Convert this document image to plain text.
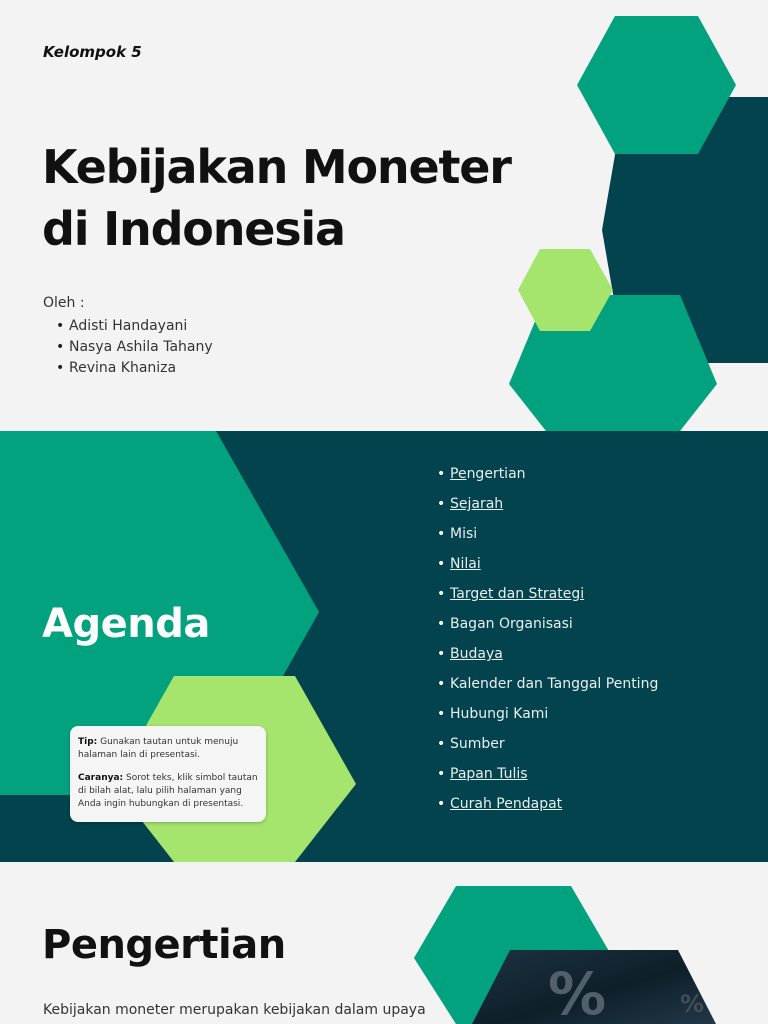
Kelompok 5
Kebijakan Moneter
di Indonesia
Oleh :
• Adisti Handayani
• Nasya Ashila Tahany
• Revina Khaniza
Agenda

Tip: Gunakan tautan untuk menuju halaman lain di presentasi.

Caranya: Sorot teks, klik simbol tautan di bilah alat, lalu pilih halaman yang Anda ingin hubungkan di presentasi.

• Pengertian
• Sejarah
• Misi
• Nilai
• Target dan Strategi
• Bagan Organisasi
• Budaya
• Kalender dan Tanggal Penting
• Hubungi Kami
• Sumber
• Papan Tulis
• Curah Pendapat
%	%
Pengertian
Kebijakan moneter merupakan kebijakan dalam upaya
